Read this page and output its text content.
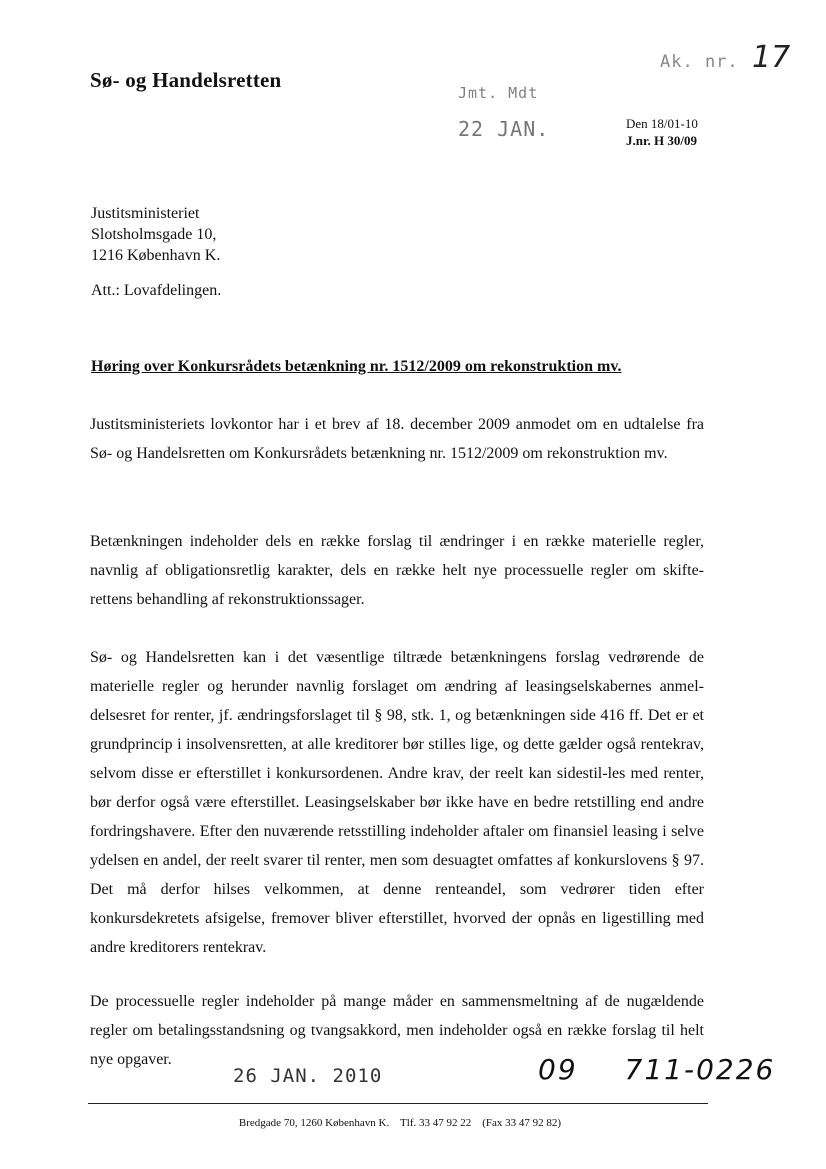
Sø- og Handelsretten
Jmt. Mdt
22 JAN.
Ak. nr. 17
Den 18/01-10
J.nr. H 30/09
Justitsministeriet
Slotsholmsgade 10,
1216 København K.
Att.: Lovafdelingen.
Høring over Konkursrådets betænkning nr. 1512/2009 om rekonstruktion mv.
Justitsministeriets lovkontor har i et brev af 18. december 2009 anmodet om en udtalelse fra Sø- og Handelsretten om Konkursrådets betænkning nr. 1512/2009 om rekonstruktion mv.
Betænkningen indeholder dels en række forslag til ændringer i en række materielle regler, navnlig af obligationsretlig karakter, dels en række helt nye processuelle regler om skifte-rettens behandling af rekonstruktionssager.
Sø- og Handelsretten kan i det væsentlige tiltræde betænkningens forslag vedrørende de materielle regler og herunder navnlig forslaget om ændring af leasingselskabernes anmel-delsesret for renter, jf. ændringsforslaget til § 98, stk. 1, og betænkningen side 416 ff. Det er et grundprincip i insolvensretten, at alle kreditorer bør stilles lige, og dette gælder også rentekrav, selvom disse er efterstillet i konkursordenen. Andre krav, der reelt kan sidestil-les med renter, bør derfor også være efterstillet. Leasingselskaber bør ikke have en bedre retstilling end andre fordringshavere. Efter den nuværende retsstilling indeholder aftaler om finansiel leasing i selve ydelsen en andel, der reelt svarer til renter, men som desuagtet omfattes af konkurslovens § 97. Det må derfor hilses velkommen, at denne renteandel, som vedrører tiden efter konkursdekretets afsigelse, fremover bliver efterstillet, hvorved der opnås en ligestilling med andre kreditorers rentekrav.
De processuelle regler indeholder på mange måder en sammensmeltning af de nugældende regler om betalingsstandsning og tvangsakkord, men indeholder også en række forslag til helt nye opgaver.
26 JAN. 2010	09 711-0226
Bredgade 70, 1260 København K. Tlf. 33 47 92 22 (Fax 33 47 92 82)
